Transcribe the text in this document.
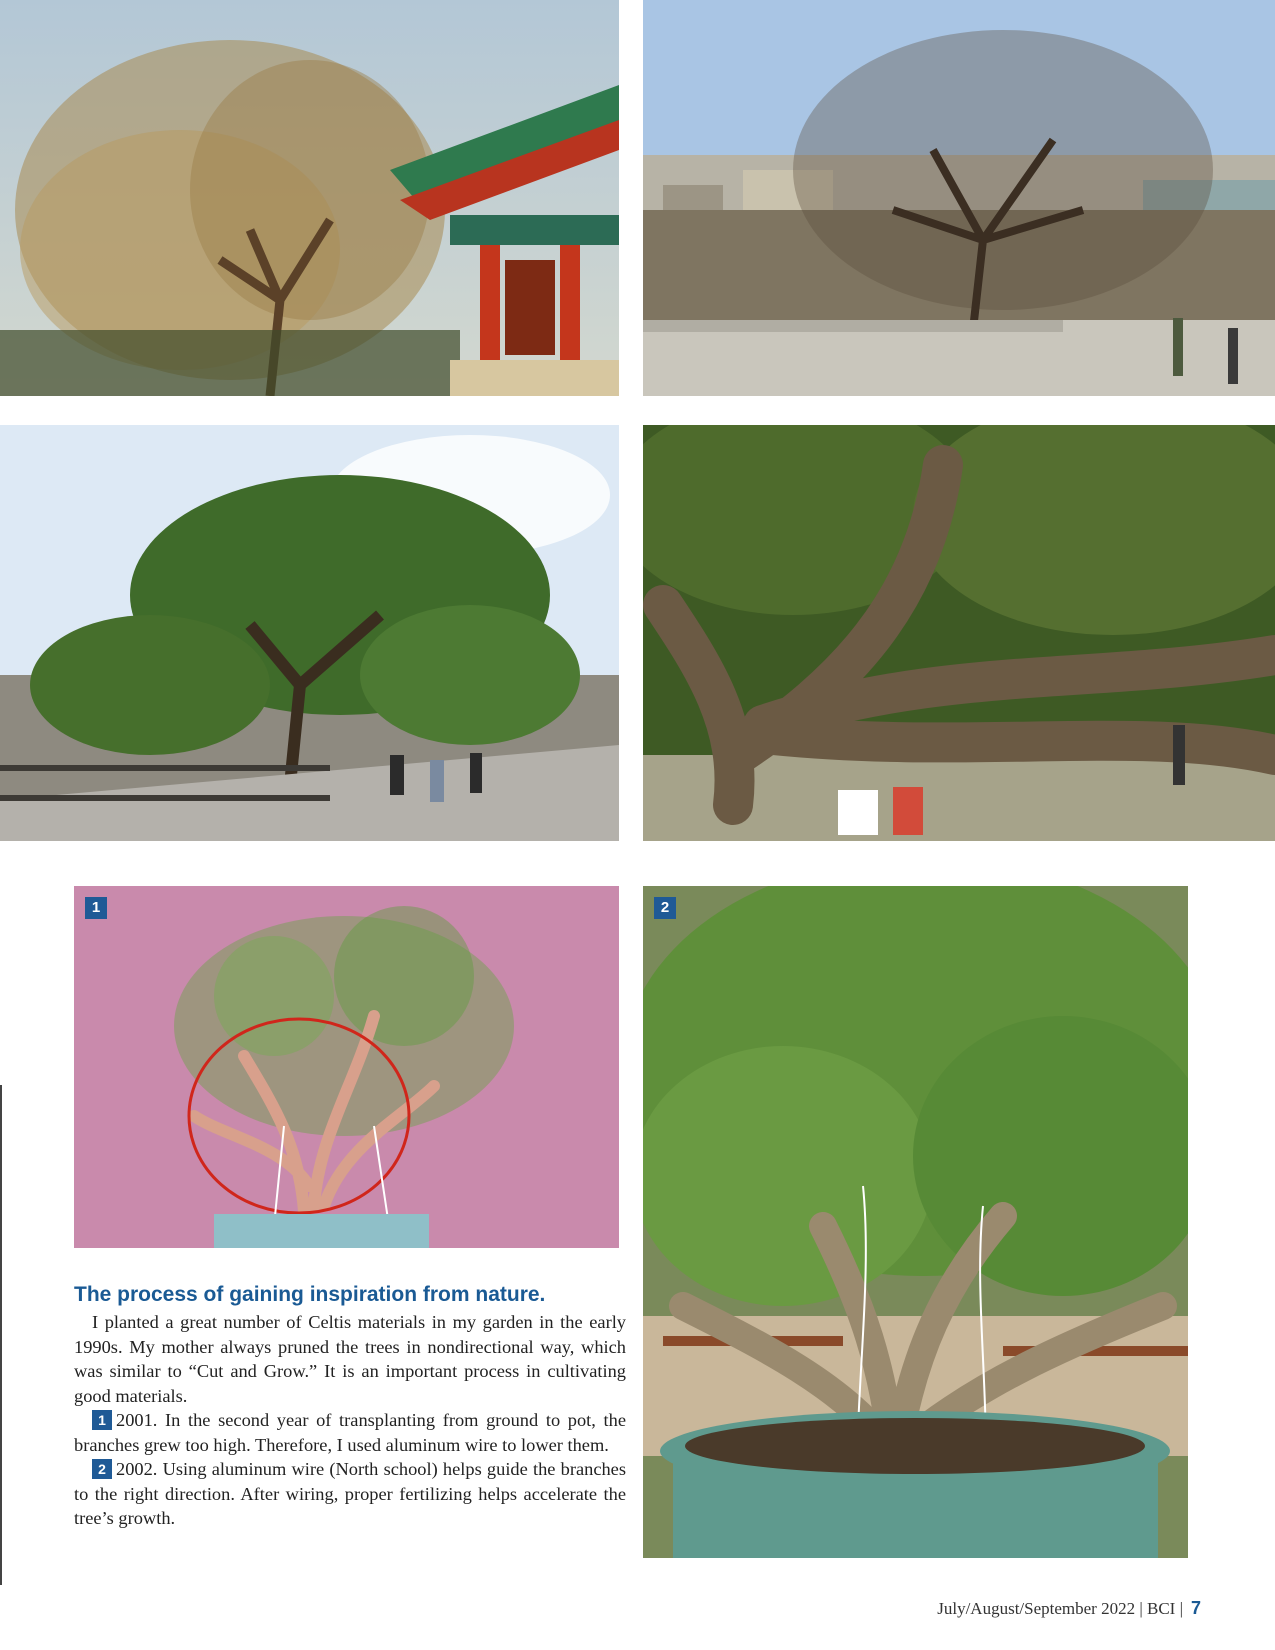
1	2
The process of gaining inspiration from nature.

I planted a great number of Celtis materials in my garden in the early 1990s. My mother always pruned the trees in nondirectional way, which was similar to “Cut and Grow.” It is an important process in cultivating good materials.

1 2001. In the second year of transplanting from ground to pot, the branches grew too high. Therefore, I used aluminum wire to lower them.

2 2002. Using aluminum wire (North school) helps guide the branches to the right direction. After wiring, proper fertilizing helps accelerate the tree’s growth.

July/August/September 2022 | BCI | 7
